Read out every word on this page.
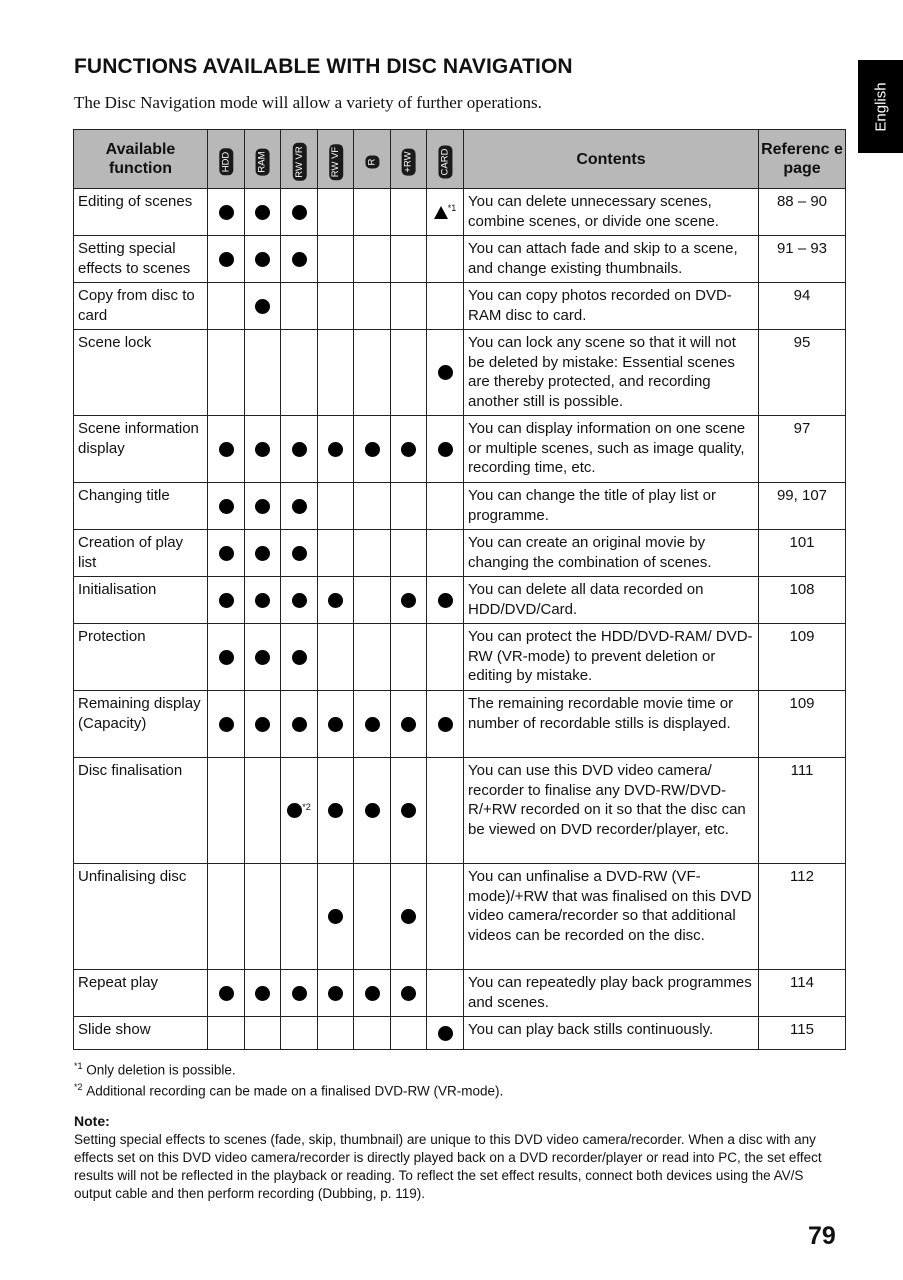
FUNCTIONS AVAILABLE WITH DISC NAVIGATION
The Disc Navigation mode will allow a variety of further operations.	English
Available function	HDD	RAM	RW VR	RW VF	R	+RW	CARD	Contents	Referenc e page
Editing of scenes							$^{*1}$	You can delete unnecessary scenes, combine scenes, or divide one scene.	88 – 90
Setting special effects to scenes								You can attach fade and skip to a scene, and change existing thumbnails.	91 – 93
Copy from disc to card								You can copy photos recorded on DVD-RAM disc to card.	94
Scene lock								You can lock any scene so that it will not be deleted by mistake: Essential scenes are thereby protected, and recording another still is possible.	95
Scene information display								You can display information on one scene or multiple scenes, such as image quality, recording time, etc.	97
Changing title								You can change the title of play list or programme.	99, 107
Creation of play list								You can create an original movie by changing the combination of scenes.	101
Initialisation								You can delete all data recorded on HDD/DVD/Card.	108
Protection								You can protect the HDD/DVD-RAM/ DVD-RW (VR-mode) to prevent deletion or editing by mistake.	109
Remaining display (Capacity)								The remaining recordable movie time or number of recordable stills is displayed.	109
Disc finalisation			$^{*2}$					You can use this DVD video camera/ recorder to finalise any DVD-RW/DVD-R/+RW recorded on it so that the disc can be viewed on DVD recorder/player, etc.	111
Unfinalising disc								You can unfinalise a DVD-RW (VF-mode)/+RW that was finalised on this DVD video camera/recorder so that additional videos can be recorded on the disc.	112
Repeat play								You can repeatedly play back programmes and scenes.	114
Slide show								You can play back stills continuously.	115
$^{*1}$ Only deletion is possible.
$^{*2}$ Additional recording can be made on a finalised DVD-RW (VR-mode).
Note:
Setting special effects to scenes (fade, skip, thumbnail) are unique to this DVD video camera/recorder. When a disc with any effects set on this DVD video camera/recorder is directly played back on a DVD recorder/player or read into PC, the set effect results will not be reflected in the playback or reading. To reflect the set effect results, connect both devices using the AV/S output cable and then perform recording (Dubbing, p. 119).
79
